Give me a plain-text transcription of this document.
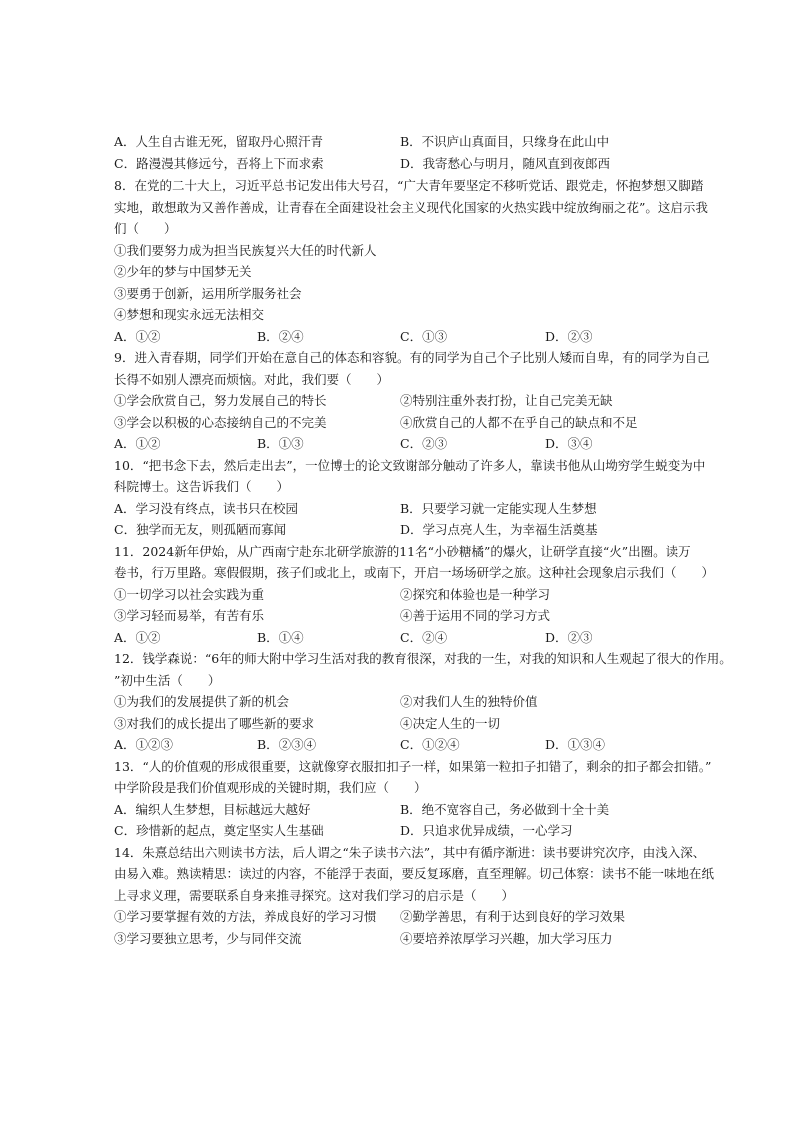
A．人生自古谁无死，留取丹心照汗青	B．不识庐山真面目，只缘身在此山中
C．路漫漫其修远兮，吾将上下而求索	D．我寄愁心与明月，随风直到夜郎西
8．在党的二十大上，习近平总书记发出伟大号召，“广大青年要坚定不移听党话、跟党走，怀抱梦想又脚踏
实地，敢想敢为又善作善成，让青春在全面建设社会主义现代化国家的火热实践中绽放绚丽之花”。这启示我
们（　　）
①我们要努力成为担当民族复兴大任的时代新人
②少年的梦与中国梦无关
③要勇于创新，运用所学服务社会
④梦想和现实永远无法相交
A．①②	B．②④	C．①③	D．②③
9．进入青春期，同学们开始在意自己的体态和容貌。有的同学为自己个子比别人矮而自卑，有的同学为自己
长得不如别人漂亮而烦恼。对此，我们要（　　）
①学会欣赏自己，努力发展自己的特长	②特别注重外表打扮，让自己完美无缺
③学会以积极的心态接纳自己的不完美	④欣赏自己的人都不在乎自己的缺点和不足
A．①②	B．①③	C．②③	D．③④
10．“把书念下去，然后走出去”，一位博士的论文致谢部分触动了许多人，靠读书他从山坳穷学生蜕变为中
科院博士。这告诉我们（　　）
A．学习没有终点，读书只在校园	B．只要学习就一定能实现人生梦想
C．独学而无友，则孤陋而寡闻	D．学习点亮人生，为幸福生活奠基
11．2024新年伊始，从广西南宁赴东北研学旅游的11名“小砂糖橘”的爆火，让研学直接“火”出圈。读万
卷书，行万里路。寒假假期，孩子们或北上，或南下，开启一场场研学之旅。这种社会现象启示我们（　　）
①一切学习以社会实践为重	②探究和体验也是一种学习
③学习轻而易举，有苦有乐	④善于运用不同的学习方式
A．①②	B．①④	C．②④	D．②③
12．钱学森说：“6年的师大附中学习生活对我的教育很深，对我的一生，对我的知识和人生观起了很大的作用。
”初中生活（　　）
①为我们的发展提供了新的机会	②对我们人生的独特价值
③对我们的成长提出了哪些新的要求	④决定人生的一切
A．①②③	B．②③④	C．①②④	D．①③④
13．“人的价值观的形成很重要，这就像穿衣服扣扣子一样，如果第一粒扣子扣错了，剩余的扣子都会扣错。”
中学阶段是我们价值观形成的关键时期，我们应（　　）
A．编织人生梦想，目标越远大越好	B．绝不宽容自己，务必做到十全十美
C．珍惜新的起点，奠定坚实人生基础	D．只追求优异成绩，一心学习
14．朱熹总结出六则读书方法，后人谓之“朱子读书六法”，其中有循序渐进：读书要讲究次序，由浅入深、
由易入难。熟读精思：读过的内容，不能浮于表面，要反复琢磨，直至理解。切己体察：读书不能一味地在纸
上寻求义理，需要联系自身来推寻探究。这对我们学习的启示是（　　）
①学习要掌握有效的方法，养成良好的学习习惯 ②勤学善思，有利于达到良好的学习效果
③学习要独立思考，少与同伴交流	④要培养浓厚学习兴趣，加大学习压力
